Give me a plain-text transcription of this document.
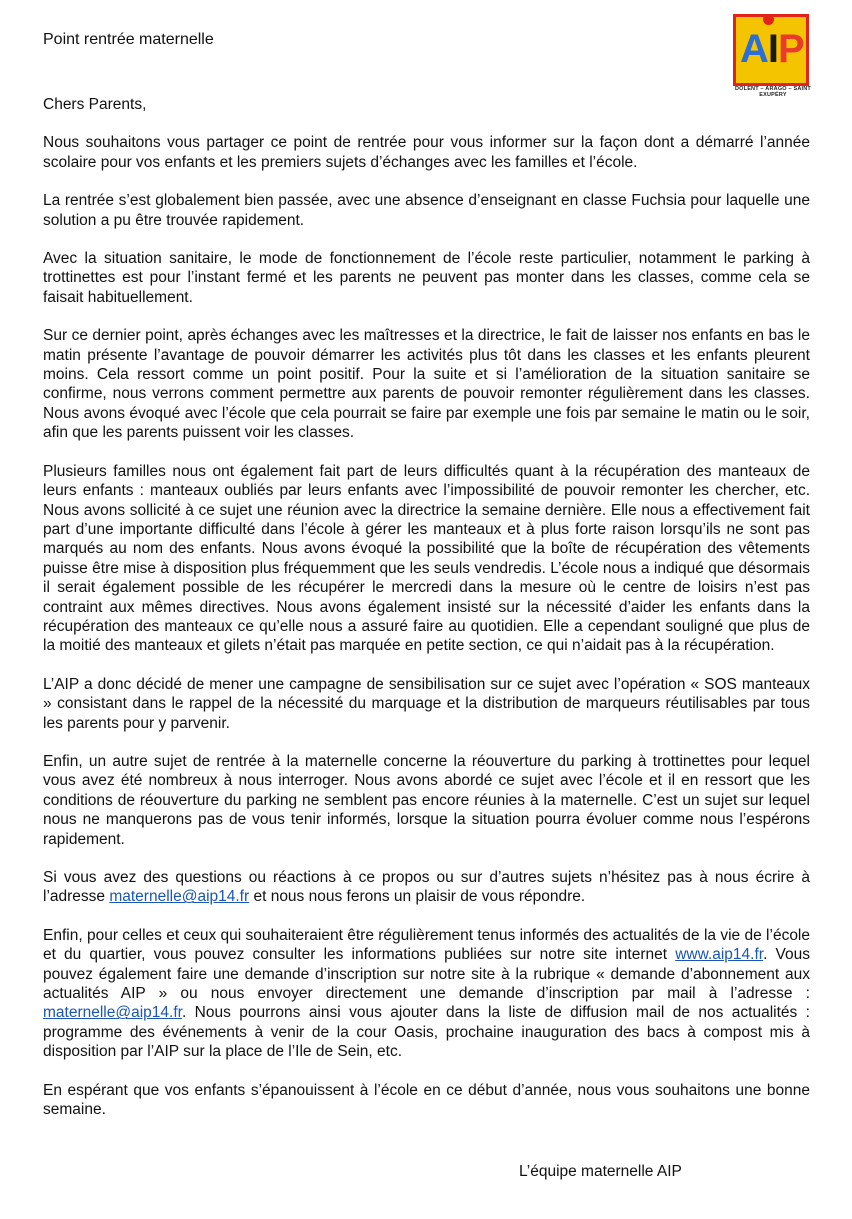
Point rentrée maternelle	AIP
DOLENT – ARAGO – SAINT EXUPÉRY

Chers Parents,

Nous souhaitons vous partager ce point de rentrée pour vous informer sur la façon dont a démarré l’année scolaire pour vos enfants et les premiers sujets d’échanges avec les familles et l’école.

La rentrée s’est globalement bien passée, avec une absence d’enseignant en classe Fuchsia pour laquelle une solution a pu être trouvée rapidement.

Avec la situation sanitaire, le mode de fonctionnement de l’école reste particulier, notamment le parking à trottinettes est pour l’instant fermé et les parents ne peuvent pas monter dans les classes, comme cela se faisait habituellement.

Sur ce dernier point, après échanges avec les maîtresses et la directrice, le fait de laisser nos enfants en bas le matin présente l’avantage de pouvoir démarrer les activités plus tôt dans les classes et les enfants pleurent moins. Cela ressort comme un point positif. Pour la suite et si l’amélioration de la situation sanitaire se confirme, nous verrons comment permettre aux parents de pouvoir remonter régulièrement dans les classes. Nous avons évoqué avec l’école que cela pourrait se faire par exemple une fois par semaine le matin ou le soir, afin que les parents puissent voir les classes.

Plusieurs familles nous ont également fait part de leurs difficultés quant à la récupération des manteaux de leurs enfants : manteaux oubliés par leurs enfants avec l’impossibilité de pouvoir remonter les chercher, etc. Nous avons sollicité à ce sujet une réunion avec la directrice la semaine dernière. Elle nous a effectivement fait part d’une importante difficulté dans l’école à gérer les manteaux et à plus forte raison lorsqu’ils ne sont pas marqués au nom des enfants. Nous avons évoqué la possibilité que la boîte de récupération des vêtements puisse être mise à disposition plus fréquemment que les seuls vendredis. L’école nous a indiqué que désormais il serait également possible de les récupérer le mercredi dans la mesure où le centre de loisirs n’est pas contraint aux mêmes directives. Nous avons également insisté sur la nécessité d’aider les enfants dans la récupération des manteaux ce qu’elle nous a assuré faire au quotidien. Elle a cependant souligné que plus de la moitié des manteaux et gilets n’était pas marquée en petite section, ce qui n’aidait pas à la récupération.

L’AIP a donc décidé de mener une campagne de sensibilisation sur ce sujet avec l’opération « SOS manteaux » consistant dans le rappel de la nécessité du marquage et la distribution de marqueurs réutilisables par tous les parents pour y parvenir.

Enfin, un autre sujet de rentrée à la maternelle concerne la réouverture du parking à trottinettes pour lequel vous avez été nombreux à nous interroger. Nous avons abordé ce sujet avec l’école et il en ressort que les conditions de réouverture du parking ne semblent pas encore réunies à la maternelle. C’est un sujet sur lequel nous ne manquerons pas de vous tenir informés, lorsque la situation pourra évoluer comme nous l’espérons rapidement.

Si vous avez des questions ou réactions à ce propos ou sur d’autres sujets n’hésitez pas à nous écrire à l’adresse maternelle@aip14.fr et nous nous ferons un plaisir de vous répondre.

Enfin, pour celles et ceux qui souhaiteraient être régulièrement tenus informés des actualités de la vie de l’école et du quartier, vous pouvez consulter les informations publiées sur notre site internet www.aip14.fr. Vous pouvez également faire une demande d’inscription sur notre site à la rubrique « demande d’abonnement aux actualités AIP » ou nous envoyer directement une demande d’inscription par mail à l’adresse : maternelle@aip14.fr. Nous pourrons ainsi vous ajouter dans la liste de diffusion mail de nos actualités : programme des événements à venir de la cour Oasis, prochaine inauguration des bacs à compost mis à disposition par l’AIP sur la place de l’Ile de Sein, etc.

En espérant que vos enfants s’épanouissent à l’école en ce début d’année, nous vous souhaitons une bonne semaine.

L’équipe maternelle AIP
